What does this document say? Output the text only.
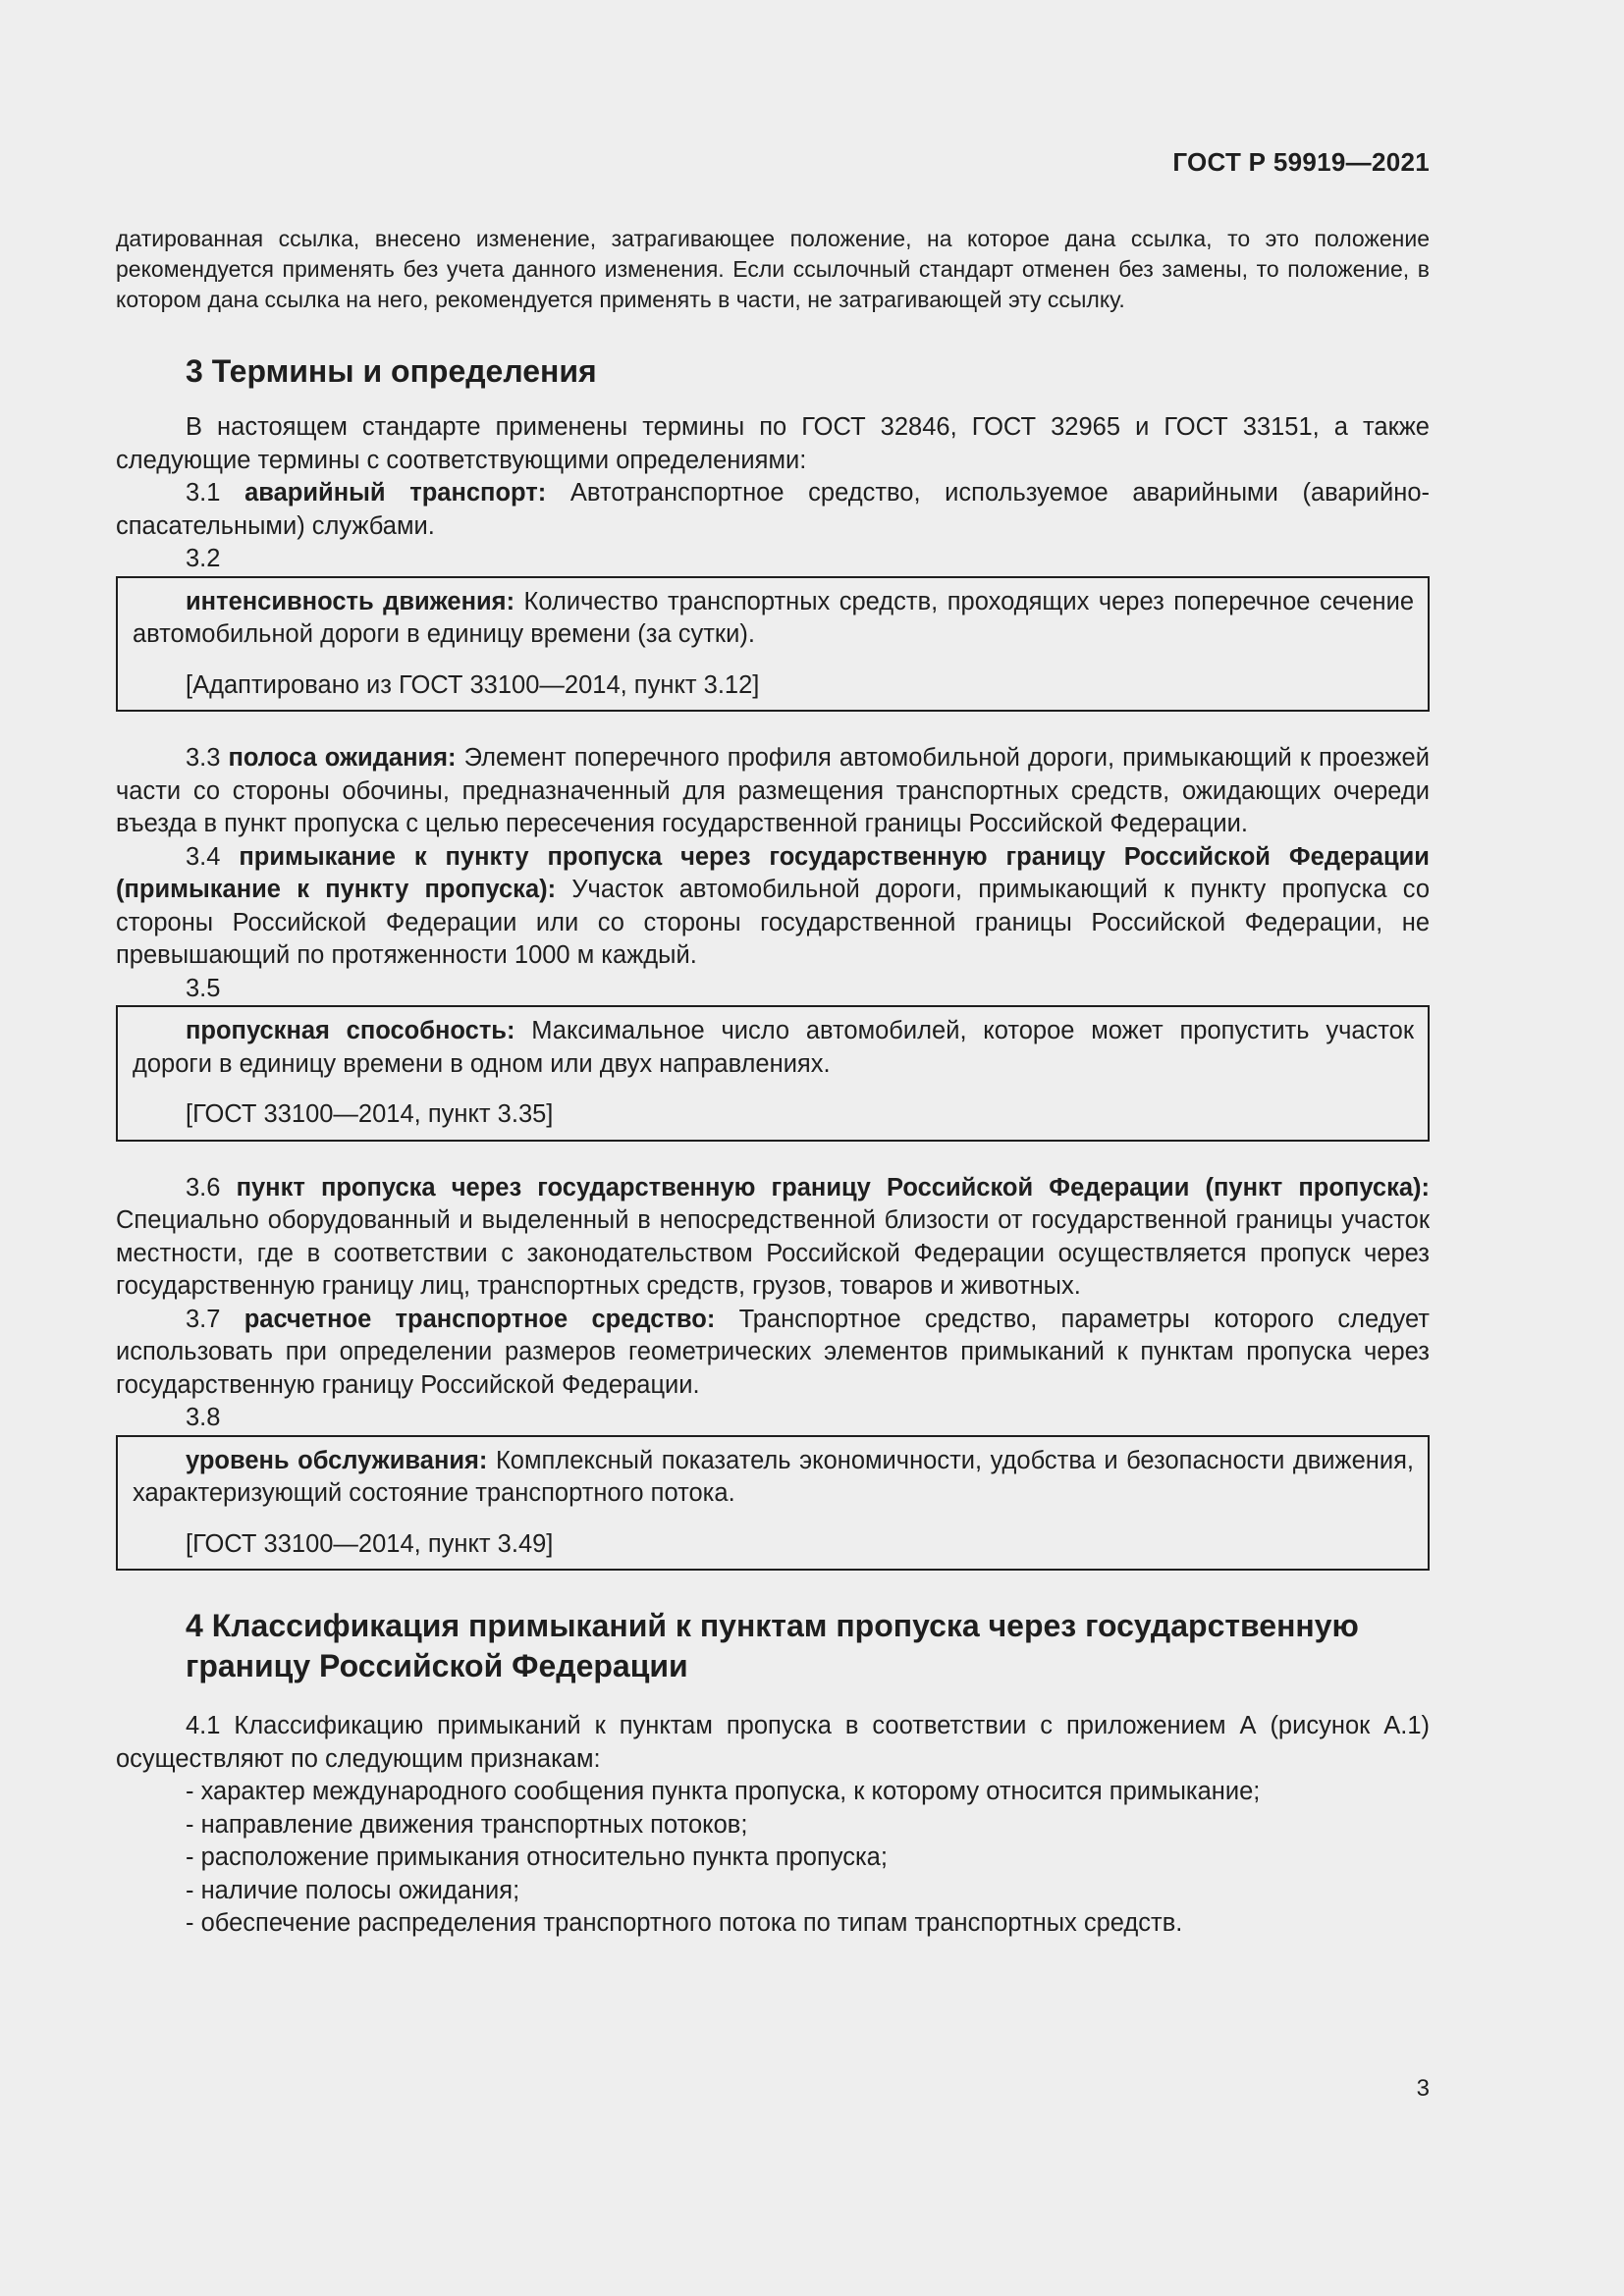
ГОСТ Р 59919—2021
датированная ссылка, внесено изменение, затрагивающее положение, на которое дана ссылка, то это положение рекомендуется применять без учета данного изменения. Если ссылочный стандарт отменен без замены, то положение, в котором дана ссылка на него, рекомендуется применять в части, не затрагивающей эту ссылку.
3 Термины и определения
В настоящем стандарте применены термины по ГОСТ 32846, ГОСТ 32965 и ГОСТ 33151, а также следующие термины с соответствующими определениями:
3.1 аварийный транспорт: Автотранспортное средство, используемое аварийными (аварийно-спасательными) службами.
3.2
интенсивность движения: Количество транспортных средств, проходящих через поперечное сечение автомобильной дороги в единицу времени (за сутки).
[Адаптировано из ГОСТ 33100—2014, пункт 3.12]
3.3 полоса ожидания: Элемент поперечного профиля автомобильной дороги, примыкающий к проезжей части со стороны обочины, предназначенный для размещения транспортных средств, ожидающих очереди въезда в пункт пропуска с целью пересечения государственной границы Российской Федерации.
3.4 примыкание к пункту пропуска через государственную границу Российской Федерации (примыкание к пункту пропуска): Участок автомобильной дороги, примыкающий к пункту пропуска со стороны Российской Федерации или со стороны государственной границы Российской Федерации, не превышающий по протяженности 1000 м каждый.
3.5
пропускная способность: Максимальное число автомобилей, которое может пропустить участок дороги в единицу времени в одном или двух направлениях.
[ГОСТ 33100—2014, пункт 3.35]
3.6 пункт пропуска через государственную границу Российской Федерации (пункт пропуска): Специально оборудованный и выделенный в непосредственной близости от государственной границы участок местности, где в соответствии с законодательством Российской Федерации осуществляется пропуск через государственную границу лиц, транспортных средств, грузов, товаров и животных.
3.7 расчетное транспортное средство: Транспортное средство, параметры которого следует использовать при определении размеров геометрических элементов примыканий к пунктам пропуска через государственную границу Российской Федерации.
3.8
уровень обслуживания: Комплексный показатель экономичности, удобства и безопасности движения, характеризующий состояние транспортного потока.
[ГОСТ 33100—2014, пункт 3.49]
4 Классификация примыканий к пунктам пропуска через государственную
границу Российской Федерации
4.1 Классификацию примыканий к пунктам пропуска в соответствии с приложением А (рисунок А.1) осуществляют по следующим признакам:
- характер международного сообщения пункта пропуска, к которому относится примыкание;
- направление движения транспортных потоков;
- расположение примыкания относительно пункта пропуска;
- наличие полосы ожидания;
- обеспечение распределения транспортного потока по типам транспортных средств.
3
